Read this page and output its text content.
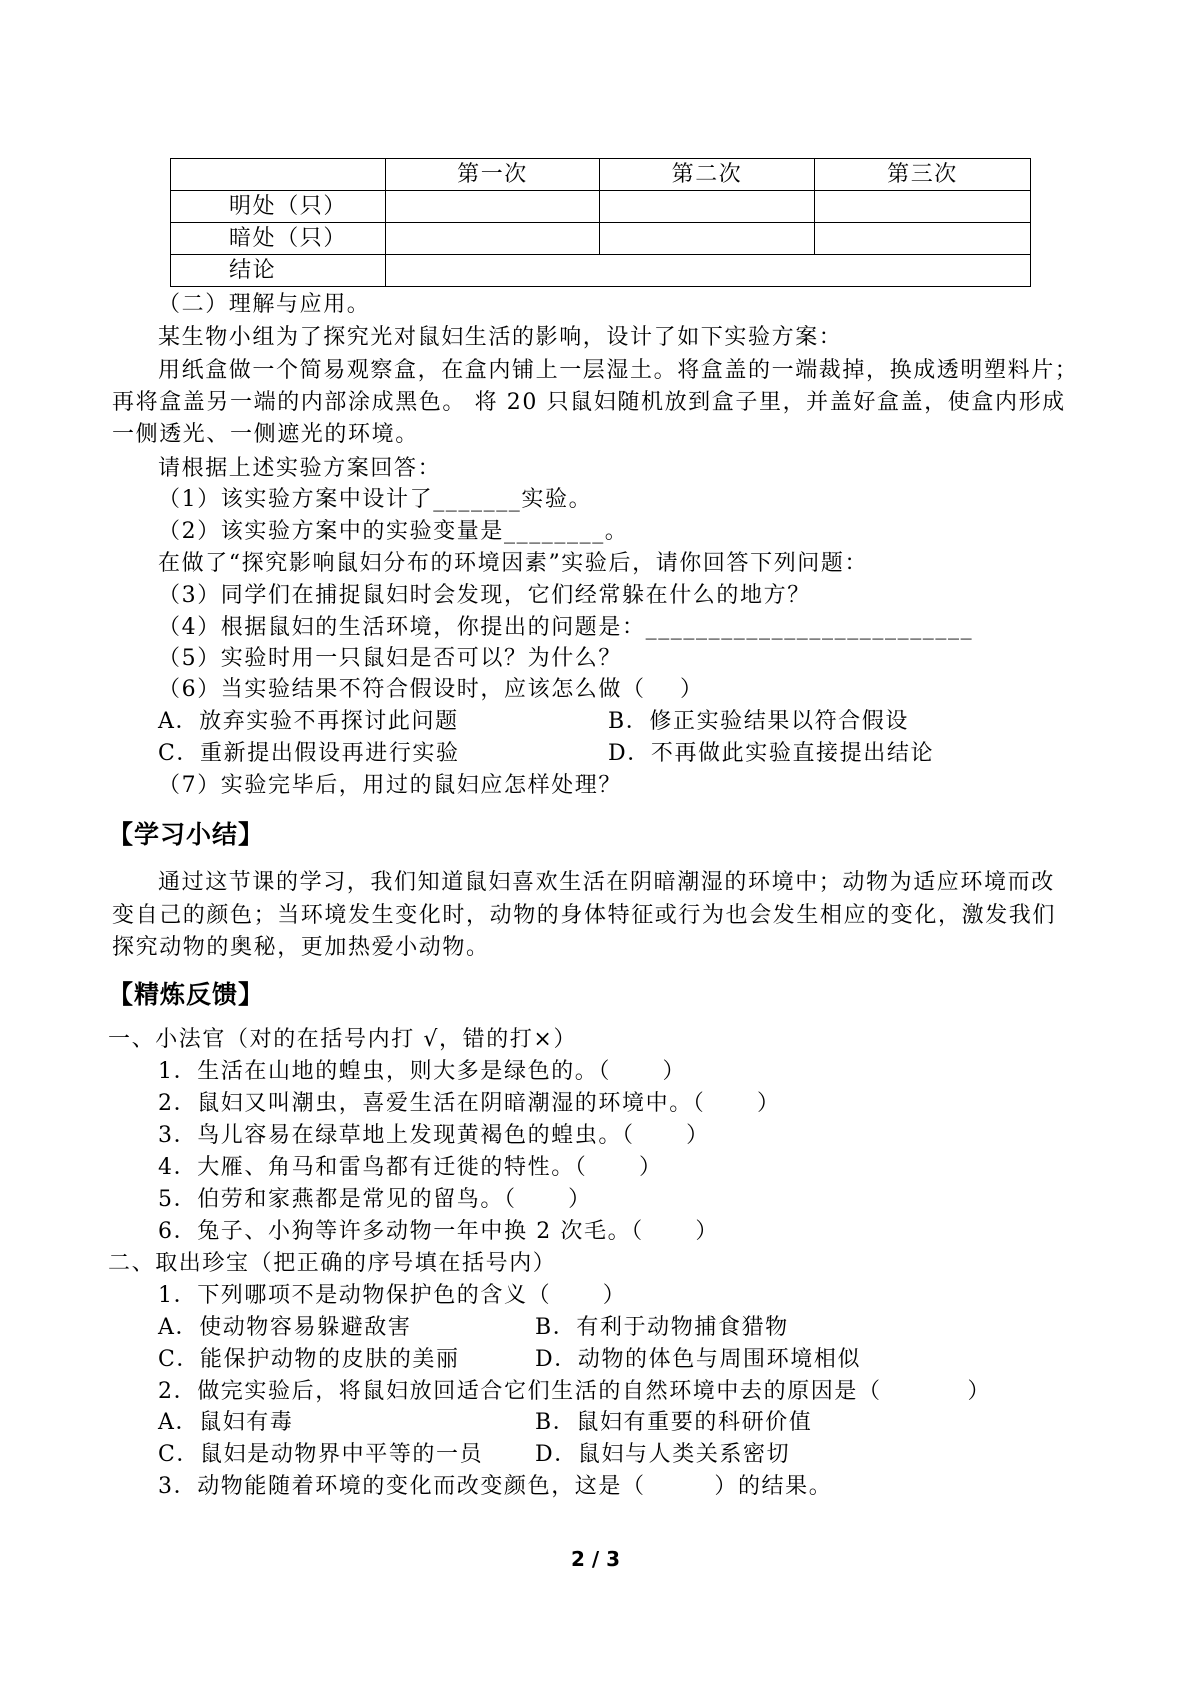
	第一次	第二次	第三次
明处（只）			
暗处（只）			
结论			
（二）理解与应用。
某生物小组为了探究光对鼠妇生活的影响，设计了如下实验方案：
用纸盒做一个简易观察盒，在盒内铺上一层湿土。将盒盖的一端裁掉，换成透明塑料片；
再将盒盖另一端的内部涂成黑色。 将 20 只鼠妇随机放到盒子里，并盖好盒盖，使盒内形成
一侧透光、一侧遮光的环境。
请根据上述实验方案回答：
（1）该实验方案中设计了_______实验。
（2）该实验方案中的实验变量是________。
在做了“探究影响鼠妇分布的环境因素”实验后，请你回答下列问题：
（3）同学们在捕捉鼠妇时会发现，它们经常躲在什么的地方？
（4）根据鼠妇的生活环境，你提出的问题是：__________________________
（5）实验时用一只鼠妇是否可以？为什么？
（6）当实验结果不符合假设时，应该怎么做（    ）
A．放弃实验不再探讨此问题	B．修正实验结果以符合假设
C．重新提出假设再进行实验	D．不再做此实验直接提出结论
（7）实验完毕后，用过的鼠妇应怎样处理？
【学习小结】
通过这节课的学习，我们知道鼠妇喜欢生活在阴暗潮湿的环境中；动物为适应环境而改
变自己的颜色；当环境发生变化时，动物的身体特征或行为也会发生相应的变化，激发我们
探究动物的奥秘，更加热爱小动物。
【精炼反馈】
一、小法官（对的在括号内打 √，错的打×）
1．生活在山地的蝗虫，则大多是绿色的。（      ）
2．鼠妇又叫潮虫，喜爱生活在阴暗潮湿的环境中。（      ）
3．鸟儿容易在绿草地上发现黄褐色的蝗虫。（      ）
4．大雁、角马和雷鸟都有迁徙的特性。（      ）
5．伯劳和家燕都是常见的留鸟。（      ）
6．兔子、小狗等许多动物一年中换 2 次毛。（      ）
二、取出珍宝（把正确的序号填在括号内）
1．下列哪项不是动物保护色的含义（      ）
A．使动物容易躲避敌害	B．有利于动物捕食猎物
C．能保护动物的皮肤的美丽	D．动物的体色与周围环境相似
2．做完实验后，将鼠妇放回适合它们生活的自然环境中去的原因是（          ）
A．鼠妇有毒	B．鼠妇有重要的科研价值
C．鼠妇是动物界中平等的一员 D．鼠妇与人类关系密切
3．动物能随着环境的变化而改变颜色，这是（        ）的结果。
2 / 3
